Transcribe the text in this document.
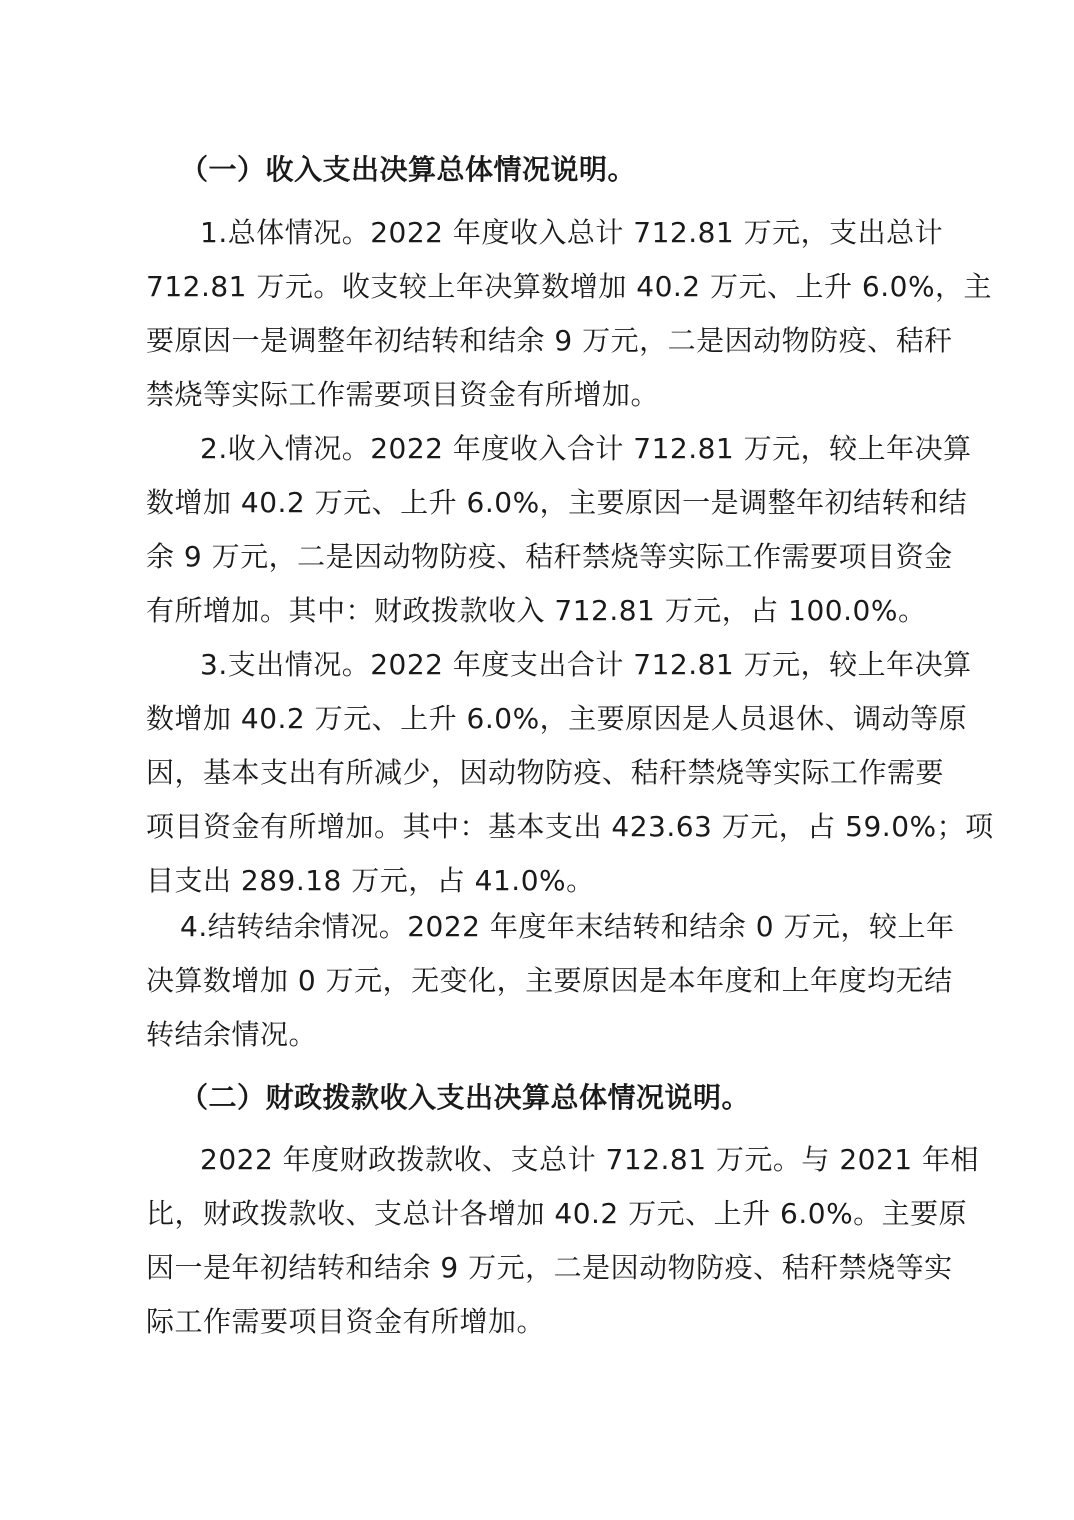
（一）收入支出决算总体情况说明。
1.总体情况。2022 年度收入总计 712.81 万元，支出总计
712.81 万元。收支较上年决算数增加 40.2 万元、上升 6.0%，主
要原因一是调整年初结转和结余 9 万元，二是因动物防疫、秸秆
禁烧等实际工作需要项目资金有所增加。
2.收入情况。2022 年度收入合计 712.81 万元，较上年决算
数增加 40.2 万元、上升 6.0%，主要原因一是调整年初结转和结
余 9 万元，二是因动物防疫、秸秆禁烧等实际工作需要项目资金
有所增加。其中：财政拨款收入 712.81 万元，占 100.0%。
3.支出情况。2022 年度支出合计 712.81 万元，较上年决算
数增加 40.2 万元、上升 6.0%，主要原因是人员退休、调动等原
因，基本支出有所减少，因动物防疫、秸秆禁烧等实际工作需要
项目资金有所增加。其中：基本支出 423.63 万元，占 59.0%；项
目支出 289.18 万元，占 41.0%。
4.结转结余情况。2022 年度年末结转和结余 0 万元，较上年
决算数增加 0 万元，无变化，主要原因是本年度和上年度均无结
转结余情况。
（二）财政拨款收入支出决算总体情况说明。
2022 年度财政拨款收、支总计 712.81 万元。与 2021 年相
比，财政拨款收、支总计各增加 40.2 万元、上升 6.0%。主要原
因一是年初结转和结余 9 万元，二是因动物防疫、秸秆禁烧等实
际工作需要项目资金有所增加。
